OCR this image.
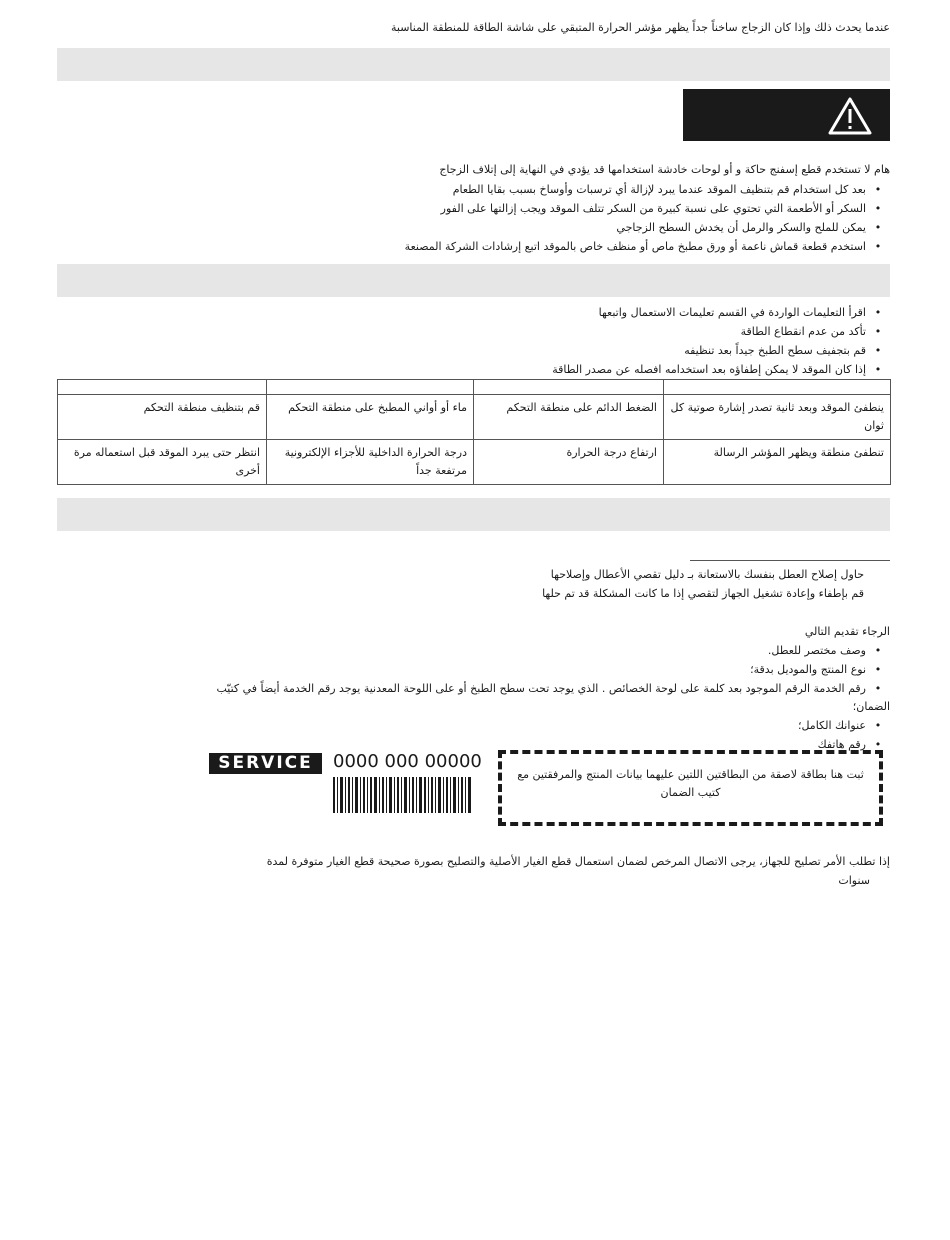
عندما يحدث ذلك وإذا كان الزجاج ساخناً جداً يظهر مؤشر الحرارة المتبقي على شاشة الطاقة للمنطقة المناسبة
هام لا تستخدم قطع إسفنج حاكة و أو لوحات خادشة استخدامها قد يؤدي في النهاية إلى إتلاف الزجاج
•بعد كل استخدام قم بتنظيف الموقد عندما يبرد لإزالة أي ترسبات وأوساخ بسبب بقايا الطعام
•السكر أو الأطعمة التي تحتوي على نسبة كبيرة من السكر تتلف الموقد ويجب إزالتها على الفور
•يمكن للملح والسكر والرمل أن يخدش السطح الزجاجي
•استخدم قطعة قماش ناعمة أو ورق مطبخ ماص أو منظف خاص بالموقد اتبع إرشادات الشركة المصنعة
•اقرأ التعليمات الواردة في القسم تعليمات الاستعمال واتبعها
•تأكد من عدم انقطاع الطاقة
•قم بتجفيف سطح الطبخ جيداً بعد تنظيفه
•إذا كان الموقد لا يمكن إطفاؤه بعد استخدامه افصله عن مصدر الطاقة

ينطفئ الموقد وبعد ثانية تصدر إشارة صوتية كل ثوان	الضغط الدائم على منطقة التحكم	ماء أو أواني المطبخ على منطقة التحكم	قم بتنظيف منطقة التحكم
تنطفئ منطقة ويظهر المؤشر الرسالة	ارتفاع درجة الحرارة	درجة الحرارة الداخلية للأجزاء الإلكترونية مرتفعة جداً	انتظر حتى يبرد الموقد قبل استعماله مرة أخرى
حاول إصلاح العطل بنفسك بالاستعانة بـ دليل تقصي الأعطال وإصلاحها
قم بإطفاء وإعادة تشغيل الجهاز لتقصي إذا ما كانت المشكلة قد تم حلها
الرجاء تقديم التالي
•وصف مختصر للعطل.
•نوع المنتج والموديل بدقة؛
•رقم الخدمة الرقم الموجود بعد كلمة على لوحة الخصائص . الذي يوجد تحت سطح الطبخ أو على اللوحة المعدنية يوجد رقم الخدمة أيضاً في كتيّب
الضمان؛
•عنوانك الكامل؛
•رقم هاتفك
ثبت هنا بطاقة لاصقة من البطاقتين اللتين عليهما بيانات المنتج والمرفقتين مع كتيب الضمان
SERVICE	0000 000 00000
إذا تطلب الأمر تصليح للجهاز، يرجى الاتصال المرخص لضمان استعمال قطع الغيار الأصلية والتصليح بصورة صحيحة قطع الغيار متوفرة لمدة
سنوات
